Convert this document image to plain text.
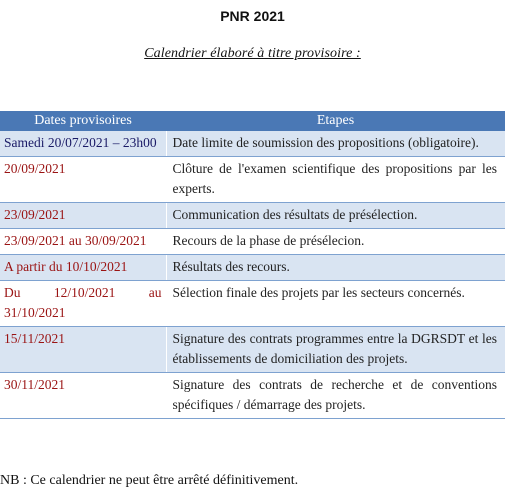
PNR 2021
Calendrier élaboré à titre provisoire :
Dates provisoires	Etapes
Samedi 20/07/2021 – 23h00	Date limite de soumission des propositions (obligatoire).
20/09/2021	Clôture de l'examen scientifique des propositions par les experts.
23/09/2021	Communication des résultats de présélection.
23/09/2021 au 30/09/2021	Recours de la phase de présélecion.
A partir du 10/10/2021	Résultats des recours.
Du 12/10/2021 au 31/10/2021	Sélection finale des projets par les secteurs concernés.
15/11/2021	Signature des contrats programmes entre la DGRSDT et les établissements de domiciliation des projets.
30/11/2021	Signature des contrats de recherche et de conventions spécifiques / démarrage des projets.
NB : Ce calendrier ne peut être arrêté définitivement.
